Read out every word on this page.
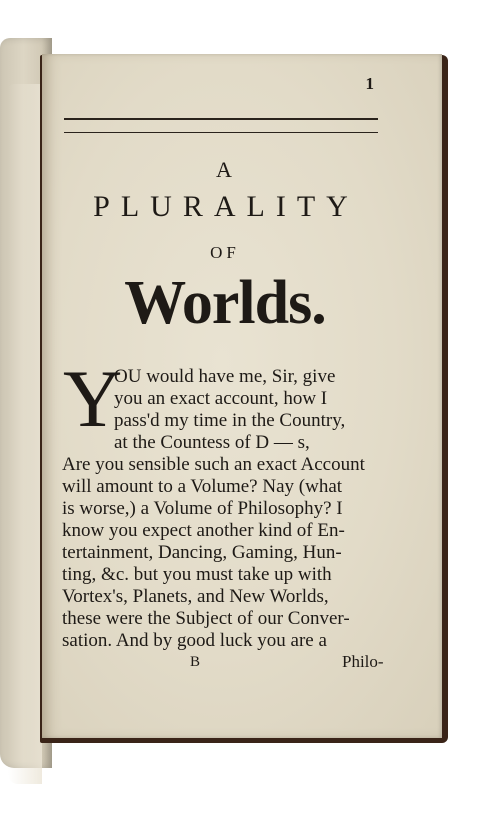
1
A
PLURALITY
OF
Worlds.
Y
OU would have me, Sir, give
you an exact account, how I
pass'd my time in the Country,
at the Countess of D — s,
Are you sensible such an exact Account
will amount to a Volume? Nay (what
is worse,) a Volume of Philosophy? I
know you expect another kind of En-
tertainment, Dancing, Gaming, Hun-
ting, &c. but you must take up with
Vortex's, Planets, and New Worlds,
these were the Subject of our Conver-
sation. And by good luck you are a
B	Philo-
